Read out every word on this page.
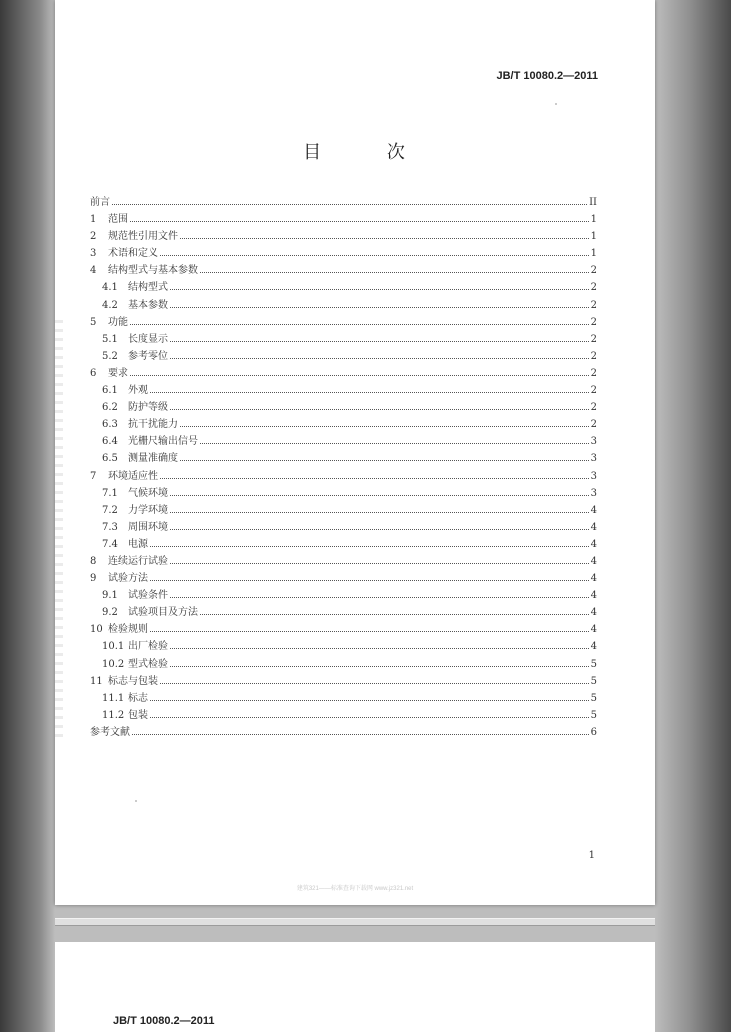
JB/T 10080.2—2011
目 次
前言	II
1	范围	1
2	规范性引用文件	1
3	术语和定义	1
4	结构型式与基本参数	2
4.1	结构型式	2
4.2	基本参数	2
5	功能	2
5.1	长度显示	2
5.2	参考零位	2
6	要求	2
6.1	外观	2
6.2	防护等级	2
6.3	抗干扰能力	2
6.4	光栅尺输出信号	3
6.5	测量准确度	3
7	环境适应性	3
7.1	气候环境	3
7.2	力学环境	4
7.3	周围环境	4
7.4	电源	4
8	连续运行试验	4
9	试验方法	4
9.1	试验条件	4
9.2	试验项目及方法	4
10 检验规则	4
10.1 出厂检验	4
10.2 型式检验	5
11 标志与包装	5
11.1 标志	5
11.2 包装	5
参考文献	6
1
建筑321——标准查询下载网 www.jz321.net
JB/T 10080.2—2011
